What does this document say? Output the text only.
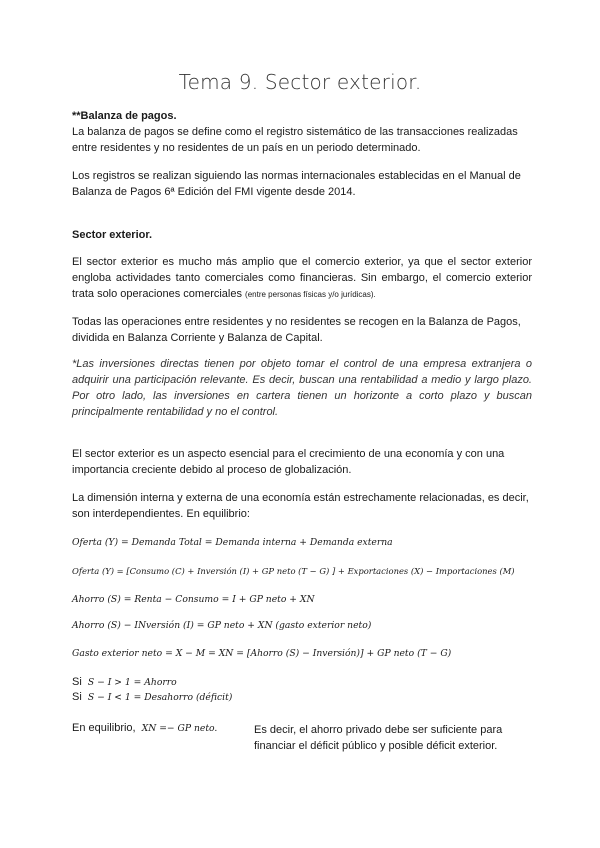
Tema 9. Sector exterior.

**Balanza de pagos.

La balanza de pagos se define como el registro sistemático de las transacciones realizadas entre residentes y no residentes de un país en un periodo determinado.

Los registros se realizan siguiendo las normas internacionales establecidas en el Manual de Balanza de Pagos 6ª Edición del FMI vigente desde 2014.

Sector exterior.

El sector exterior es mucho más amplio que el comercio exterior, ya que el sector exterior engloba actividades tanto comerciales como financieras. Sin embargo, el comercio exterior trata solo operaciones comerciales (entre personas físicas y/o jurídicas).

Todas las operaciones entre residentes y no residentes se recogen en la Balanza de Pagos, dividida en Balanza Corriente y Balanza de Capital.

*Las inversiones directas tienen por objeto tomar el control de una empresa extranjera o adquirir una participación relevante. Es decir, buscan una rentabilidad a medio y largo plazo. Por otro lado, las inversiones en cartera tienen un horizonte a corto plazo y buscan principalmente rentabilidad y no el control.

El sector exterior es un aspecto esencial para el crecimiento de una economía y con una importancia creciente debido al proceso de globalización.

La dimensión interna y externa de una economía están estrechamente relacionadas, es decir, son interdependientes. En equilibrio:

Oferta (Y) = Demanda Total = Demanda interna + Demanda externa
Oferta (Y) = [Consumo (C) + Inversión (I) + GP neto (T − G) ] + Exportaciones (X) − Importaciones (M)
Ahorro (S) = Renta − Consumo = I + GP neto + XN
Ahorro (S) − INversión (I) = GP neto + XN (gasto exterior neto)
Gasto exterior neto = X − M = XN = [Ahorro (S) − Inversión)] + GP neto (T − G)
Si S − I > 1 = Ahorro
Si S − I < 1 = Desahorro (déficit)
En equilibrio, XN =− GP neto.	Es decir, el ahorro privado debe ser suficiente para financiar el déficit público y posible déficit exterior.
